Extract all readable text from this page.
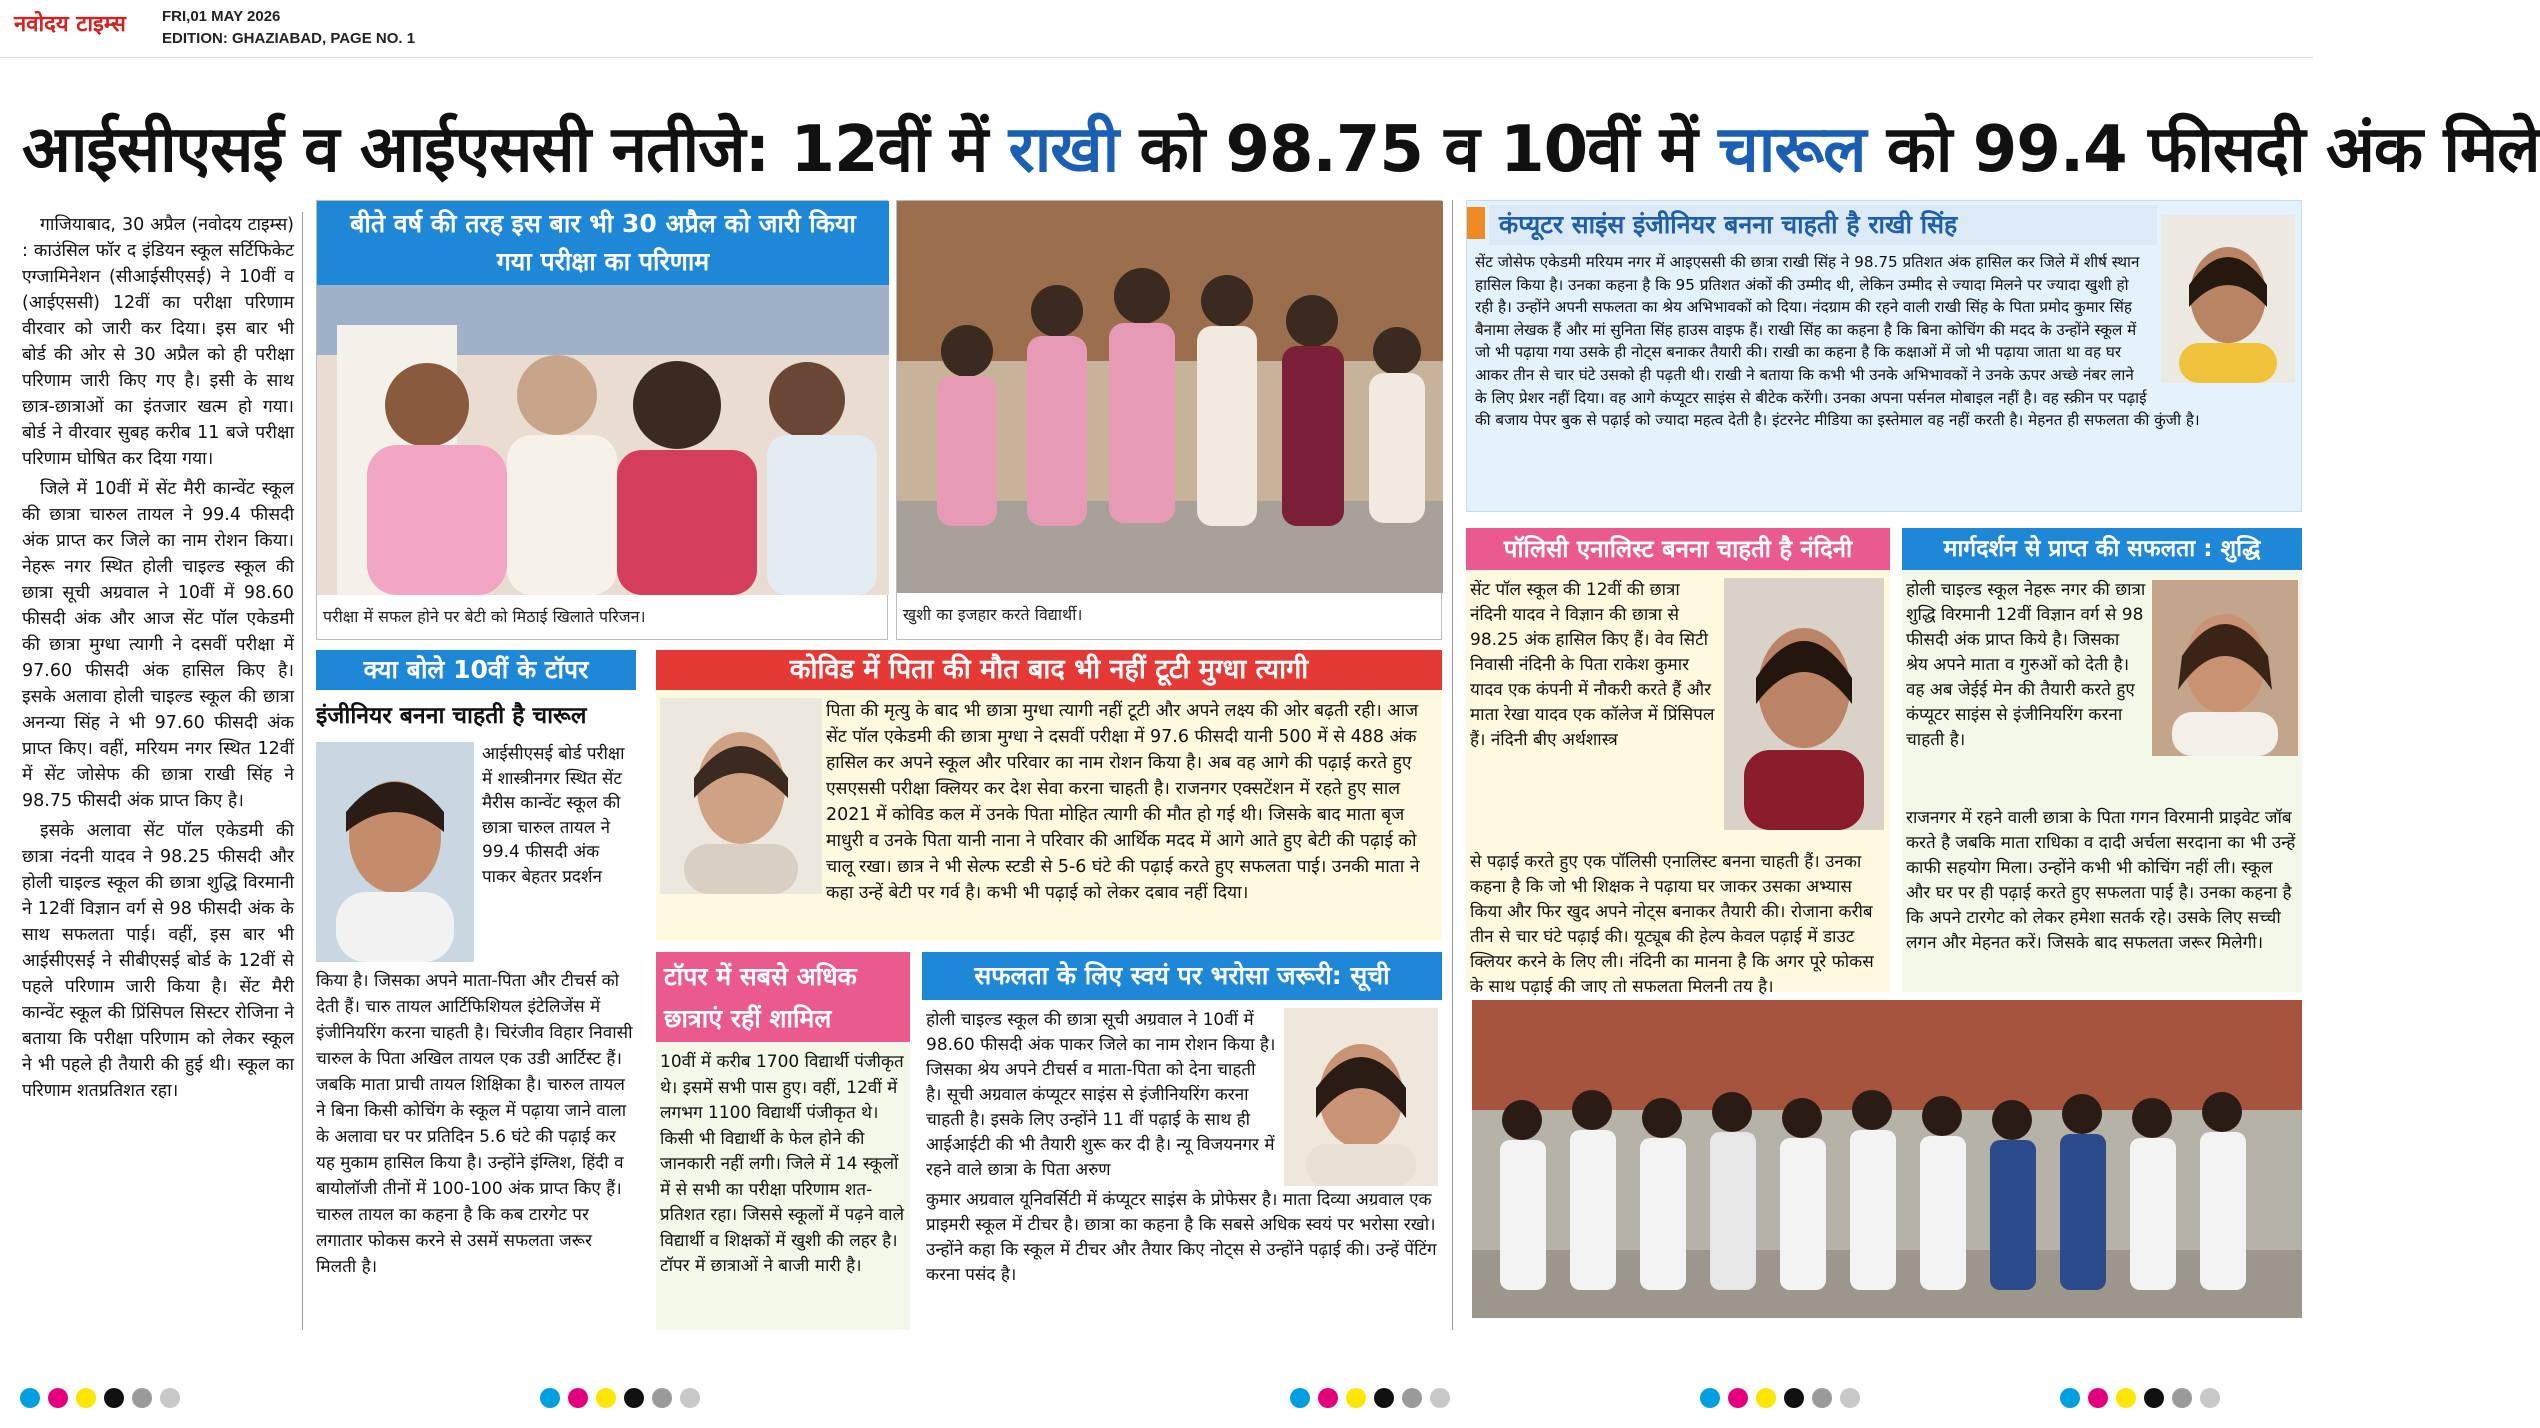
नवोदय टाइम्स FRI,01 MAY 2026
EDITION: GHAZIABAD, PAGE NO. 1
आईसीएसई व आईएससी नतीजे: 12वीं में राखी को 98.75 व 10वीं में चारूल को 99.4 फीसदी अंक मिले

गाजियाबाद, 30 अप्रैल (नवोदय टाइम्स) : काउंसिल फॉर द इंडियन स्कूल सर्टिफिकेट एग्जामिनेशन (सीआईसीएसई) ने 10वीं व (आईएससी) 12वीं का परीक्षा परिणाम वीरवार को जारी कर दिया। इस बार भी बोर्ड की ओर से 30 अप्रैल को ही परीक्षा परिणाम जारी किए गए है। इसी के साथ छात्र-छात्राओं का इंतजार खत्म हो गया। बोर्ड ने वीरवार सुबह करीब 11 बजे परीक्षा परिणाम घोषित कर दिया गया।

जिले में 10वीं में सेंट मैरी कान्वेंट स्कूल की छात्रा चारुल तायल ने 99.4 फीसदी अंक प्राप्त कर जिले का नाम रोशन किया। नेहरू नगर स्थित होली चाइल्ड स्कूल की छात्रा सूची अग्रवाल ने 10वीं में 98.60 फीसदी अंक और आज सेंट पॉल एकेडमी की छात्रा मुग्धा त्यागी ने दसवीं परीक्षा में 97.60 फीसदी अंक हासिल किए है। इसके अलावा होली चाइल्ड स्कूल की छात्रा अनन्या सिंह ने भी 97.60 फीसदी अंक प्राप्त किए। वहीं, मरियम नगर स्थित 12वीं में सेंट जोसेफ की छात्रा राखी सिंह ने 98.75 फीसदी अंक प्राप्त किए है।

इसके अलावा सेंट पॉल एकेडमी की छात्रा नंदनी यादव ने 98.25 फीसदी और होली चाइल्ड स्कूल की छात्रा शुद्धि विरमानी ने 12वीं विज्ञान वर्ग से 98 फीसदी अंक के साथ सफलता पाई। वहीं, इस बार भी आईसीएसई ने सीबीएसई बोर्ड के 12वीं से पहले परिणाम जारी किया है। सेंट मैरी कान्वेंट स्कूल की प्रिंसिपल सिस्टर रोजिना ने बताया कि परीक्षा परिणाम को लेकर स्कूल ने भी पहले ही तैयारी की हुई थी। स्कूल का परिणाम शतप्रतिशत रहा।

बीते वर्ष की तरह इस बार भी 30 अप्रैल को जारी किया गया परीक्षा का परिणाम
परीक्षा में सफल होने पर बेटी को मिठाई खिलाते परिजन।	खुशी का इजहार करते विद्यार्थी।
क्या बोले 10वीं के टॉपर
इंजीनियर बनना चाहती है चारूल
आईसीएसई बोर्ड परीक्षा में शास्त्रीनगर स्थित सेंट मैरीस कान्वेंट स्कूल की छात्रा चारुल तायल ने 99.4 फीसदी अंक पाकर बेहतर प्रदर्शन
किया है। जिसका अपने माता-पिता और टीचर्स को देती हैं। चारु तायल आर्टिफिशियल इंटेलिजेंस में इंजीनियरिंग करना चाहती है। चिरंजीव विहार निवासी चारुल के पिता अखिल तायल एक उडी आर्टिस्ट हैं। जबकि माता प्राची तायल शिक्षिका है। चारुल तायल ने बिना किसी कोचिंग के स्कूल में पढ़ाया जाने वाला के अलावा घर पर प्रतिदिन 5.6 घंटे की पढ़ाई कर यह मुकाम हासिल किया है। उन्होंने इंग्लिश, हिंदी व बायोलॉजी तीनों में 100-100 अंक प्राप्त किए हैं। चारुल तायल का कहना है कि कब टारगेट पर लगातार फोकस करने से उसमें सफलता जरूर मिलती है।
कोविड में पिता की मौत बाद भी नहीं टूटी मुग्धा त्यागी
पिता की मृत्यु के बाद भी छात्रा मुग्धा त्यागी नहीं टूटी और अपने लक्ष्य की ओर बढ़ती रही। आज सेंट पॉल एकेडमी की छात्रा मुग्धा ने दसवीं परीक्षा में 97.6 फीसदी यानी 500 में से 488 अंक हासिल कर अपने स्कूल और परिवार का नाम रोशन किया है। अब वह आगे की पढ़ाई करते हुए एसएससी परीक्षा क्लियर कर देश सेवा करना चाहती है। राजनगर एक्सटेंशन में रहते हुए साल 2021 में कोविड कल में उनके पिता मोहित त्यागी की मौत हो गई थी। जिसके बाद माता बृज माधुरी व उनके पिता यानी नाना ने परिवार की आर्थिक मदद में आगे आते हुए बेटी की पढ़ाई को चालू रखा। छात्र ने भी सेल्फ स्टडी से 5-6 घंटे की पढ़ाई करते हुए सफलता पाई। उनकी माता ने कहा उन्हें बेटी पर गर्व है। कभी भी पढ़ाई को लेकर दबाव नहीं दिया।
टॉपर में सबसे अधिक छात्राएं रहीं शामिल
10वीं में करीब 1700 विद्यार्थी पंजीकृत थे। इसमें सभी पास हुए। वहीं, 12वीं में लगभग 1100 विद्यार्थी पंजीकृत थे। किसी भी विद्यार्थी के फेल होने की जानकारी नहीं लगी। जिले में 14 स्कूलों में से सभी का परीक्षा परिणाम शत-प्रतिशत रहा। जिससे स्कूलों में पढ़ने वाले विद्यार्थी व शिक्षकों में खुशी की लहर है। टॉपर में छात्राओं ने बाजी मारी है।
सफलता के लिए स्वयं पर भरोसा जरूरी: सूची
होली चाइल्ड स्कूल की छात्रा सूची अग्रवाल ने 10वीं में 98.60 फीसदी अंक पाकर जिले का नाम रोशन किया है। जिसका श्रेय अपने टीचर्स व माता-पिता को देना चाहती है। सूची अग्रवाल कंप्यूटर साइंस से इंजीनियरिंग करना चाहती है। इसके लिए उन्होंने 11 वीं पढ़ाई के साथ ही आईआईटी की भी तैयारी शुरू कर दी है। न्यू विजयनगर में रहने वाले छात्रा के पिता अरुण
कुमार अग्रवाल यूनिवर्सिटी में कंप्यूटर साइंस के प्रोफेसर है। माता दिव्या अग्रवाल एक प्राइमरी स्कूल में टीचर है। छात्रा का कहना है कि सबसे अधिक स्वयं पर भरोसा रखो। उन्होंने कहा कि स्कूल में टीचर और तैयार किए नोट्स से उन्होंने पढ़ाई की। उन्हें पेंटिंग करना पसंद है।
कंप्यूटर साइंस इंजीनियर बनना चाहती है राखी सिंह
सेंट जोसेफ एकेडमी मरियम नगर में आइएससी की छात्रा राखी सिंह ने 98.75 प्रतिशत अंक हासिल कर जिले में शीर्ष स्थान हासिल किया है। उनका कहना है कि 95 प्रतिशत अंकों की उम्मीद थी, लेकिन उम्मीद से ज्यादा मिलने पर ज्यादा खुशी हो रही है। उन्होंने अपनी सफलता का श्रेय अभिभावकों को दिया। नंदग्राम की रहने वाली राखी सिंह के पिता प्रमोद कुमार सिंह बैनामा लेखक हैं और मां सुनिता सिंह हाउस वाइफ हैं। राखी सिंह का कहना है कि बिना कोचिंग की मदद के उन्होंने स्कूल में जो भी पढ़ाया गया उसके ही नोट्स बनाकर तैयारी की। राखी का कहना है कि कक्षाओं में जो भी पढ़ाया जाता था वह घर आकर तीन से चार घंटे उसको ही पढ़ती थी। राखी ने बताया कि कभी भी उनके अभिभावकों ने उनके ऊपर अच्छे नंबर लाने के लिए प्रेशर नहीं दिया। वह आगे कंप्यूटर साइंस से बीटेक करेंगी। उनका अपना पर्सनल मोबाइल नहीं है। वह स्क्रीन पर पढ़ाई की बजाय पेपर बुक से पढ़ाई को ज्यादा महत्व देती है। इंटरनेट मीडिया का इस्तेमाल वह नहीं करती है। मेहनत ही सफलता की कुंजी है।
पॉलिसी एनालिस्ट बनना चाहती है नंदिनी
सेंट पॉल स्कूल की 12वीं की छात्रा नंदिनी यादव ने विज्ञान की छात्रा से 98.25 अंक हासिल किए हैं। वेव सिटी निवासी नंदिनी के पिता राकेश कुमार यादव एक कंपनी में नौकरी करते हैं और माता रेखा यादव एक कॉलेज में प्रिंसिपल हैं। नंदिनी बीए अर्थशास्त्र
से पढ़ाई करते हुए एक पॉलिसी एनालिस्ट बनना चाहती हैं। उनका कहना है कि जो भी शिक्षक ने पढ़ाया घर जाकर उसका अभ्यास किया और फिर खुद अपने नोट्स बनाकर तैयारी की। रोजाना करीब तीन से चार घंटे पढ़ाई की। यूट्यूब की हेल्प केवल पढ़ाई में डाउट क्लियर करने के लिए ली। नंदिनी का मानना है कि अगर पूरे फोकस के साथ पढ़ाई की जाए तो सफलता मिलनी तय है।
मार्गदर्शन से प्राप्त की सफलता : शुद्धि
होली चाइल्ड स्कूल नेहरू नगर की छात्रा शुद्धि विरमानी 12वीं विज्ञान वर्ग से 98 फीसदी अंक प्राप्त किये है। जिसका श्रेय अपने माता व गुरुओं को देती है। वह अब जेईई मेन की तैयारी करते हुए कंप्यूटर साइंस से इंजीनियरिंग करना चाहती है।
राजनगर में रहने वाली छात्रा के पिता गगन विरमानी प्राइवेट जॉब करते है जबकि माता राधिका व दादी अर्चला सरदाना का भी उन्हें काफी सहयोग मिला। उन्होंने कभी भी कोचिंग नहीं ली। स्कूल और घर पर ही पढ़ाई करते हुए सफलता पाई है। उनका कहना है कि अपने टारगेट को लेकर हमेशा सतर्क रहे। उसके लिए सच्ची लगन और मेहनत करें। जिसके बाद सफलता जरूर मिलेगी।
